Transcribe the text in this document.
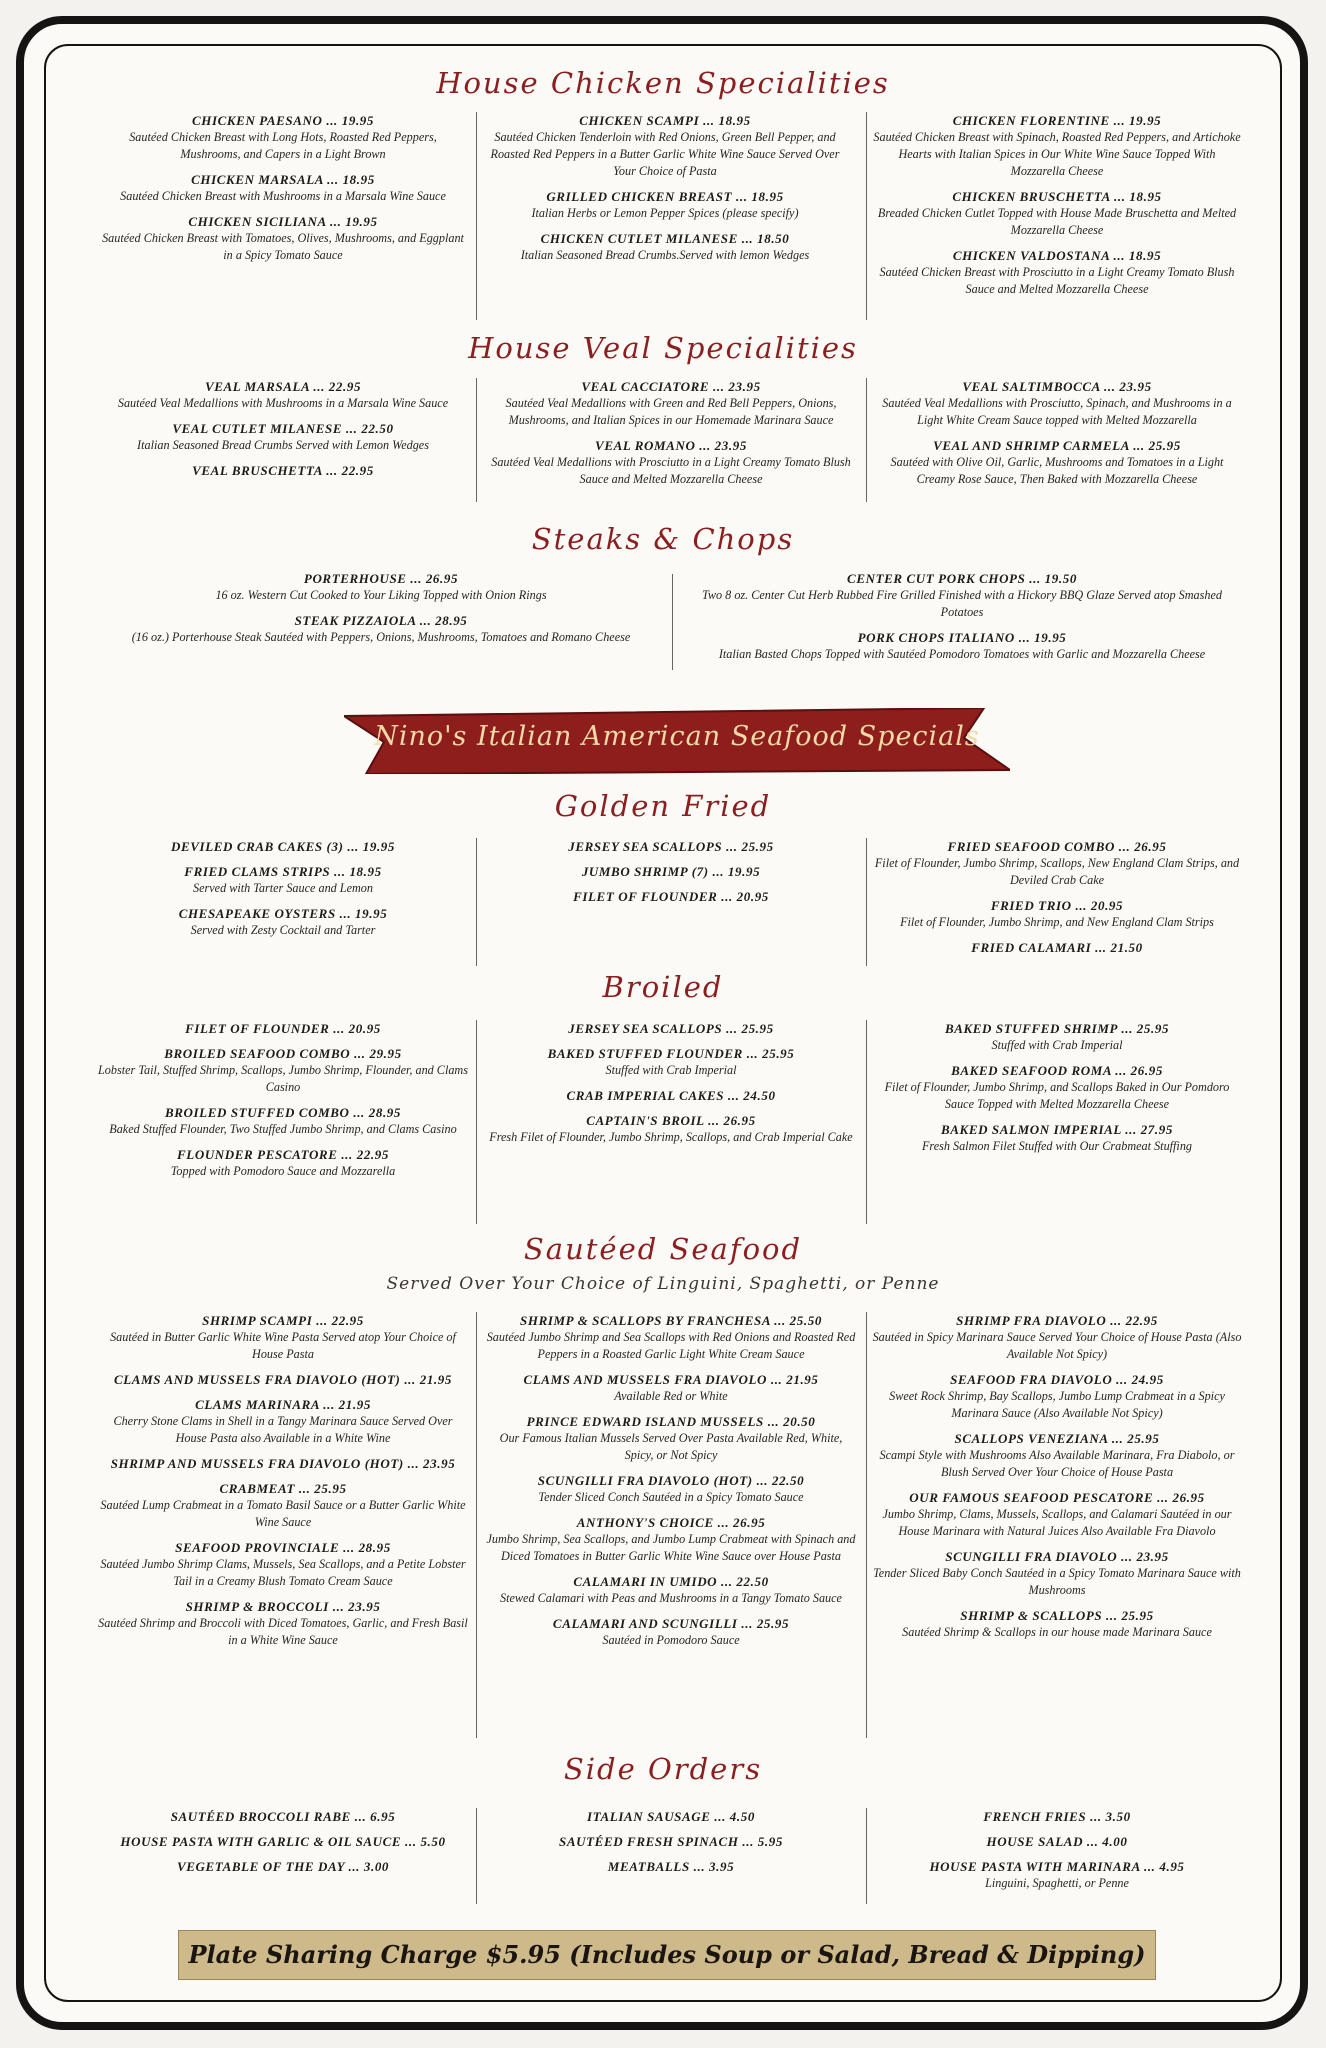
House Chicken Specialities
CHICKEN PAESANO ... 19.95
Sautéed Chicken Breast with Long Hots, Roasted Red Peppers, Mushrooms, and Capers in a Light Brown
CHICKEN MARSALA ... 18.95
Sautéed Chicken Breast with Mushrooms in a Marsala Wine Sauce
CHICKEN SICILIANA ... 19.95
Sautéed Chicken Breast with Tomatoes, Olives, Mushrooms, and Eggplant in a Spicy Tomato Sauce
CHICKEN SCAMPI ... 18.95
Sautéed Chicken Tenderloin with Red Onions, Green Bell Pepper, and Roasted Red Peppers in a Butter Garlic White Wine Sauce Served Over Your Choice of Pasta
GRILLED CHICKEN BREAST ... 18.95
Italian Herbs or Lemon Pepper Spices (please specify)
CHICKEN CUTLET MILANESE ... 18.50
Italian Seasoned Bread Crumbs.Served with lemon Wedges
CHICKEN FLORENTINE ... 19.95
Sautéed Chicken Breast with Spinach, Roasted Red Peppers, and Artichoke Hearts with Italian Spices in Our White Wine Sauce Topped With Mozzarella Cheese
CHICKEN BRUSCHETTA ... 18.95
Breaded Chicken Cutlet Topped with House Made Bruschetta and Melted Mozzarella Cheese
CHICKEN VALDOSTANA ... 18.95
Sautéed Chicken Breast with Prosciutto in a Light Creamy Tomato Blush Sauce and Melted Mozzarella Cheese
House Veal Specialities
VEAL MARSALA ... 22.95
Sautéed Veal Medallions with Mushrooms in a Marsala Wine Sauce
VEAL CUTLET MILANESE ... 22.50
Italian Seasoned Bread Crumbs Served with Lemon Wedges
VEAL BRUSCHETTA ... 22.95
VEAL CACCIATORE ... 23.95
Sautéed Veal Medallions with Green and Red Bell Peppers, Onions, Mushrooms, and Italian Spices in our Homemade Marinara Sauce
VEAL ROMANO ... 23.95
Sautéed Veal Medallions with Prosciutto in a Light Creamy Tomato Blush Sauce and Melted Mozzarella Cheese
VEAL SALTIMBOCCA ... 23.95
Sautéed Veal Medallions with Prosciutto, Spinach, and Mushrooms in a Light White Cream Sauce topped with Melted Mozzarella
VEAL AND SHRIMP CARMELA ... 25.95
Sautéed with Olive Oil, Garlic, Mushrooms and Tomatoes in a Light Creamy Rose Sauce, Then Baked with Mozzarella Cheese
Steaks & Chops
PORTERHOUSE ... 26.95
16 oz. Western Cut Cooked to Your Liking Topped with Onion Rings
STEAK PIZZAIOLA ... 28.95
(16 oz.) Porterhouse Steak Sautéed with Peppers, Onions, Mushrooms, Tomatoes and Romano Cheese
CENTER CUT PORK CHOPS ... 19.50
Two 8 oz. Center Cut Herb Rubbed Fire Grilled Finished with a Hickory BBQ Glaze Served atop Smashed Potatoes
PORK CHOPS ITALIANO ... 19.95
Italian Basted Chops Topped with Sautéed Pomodoro Tomatoes with Garlic and Mozzarella Cheese
Nino's Italian American Seafood Specials
Golden Fried
DEVILED CRAB CAKES (3) ... 19.95
FRIED CLAMS STRIPS ... 18.95
Served with Tarter Sauce and Lemon
CHESAPEAKE OYSTERS ... 19.95
Served with Zesty Cocktail and Tarter
JERSEY SEA SCALLOPS ... 25.95
JUMBO SHRIMP (7) ... 19.95
FILET OF FLOUNDER ... 20.95
FRIED SEAFOOD COMBO ... 26.95
Filet of Flounder, Jumbo Shrimp, Scallops, New England Clam Strips, and Deviled Crab Cake
FRIED TRIO ... 20.95
Filet of Flounder, Jumbo Shrimp, and New England Clam Strips
FRIED CALAMARI ... 21.50
Broiled
FILET OF FLOUNDER ... 20.95
BROILED SEAFOOD COMBO ... 29.95
Lobster Tail, Stuffed Shrimp, Scallops, Jumbo Shrimp, Flounder, and Clams Casino
BROILED STUFFED COMBO ... 28.95
Baked Stuffed Flounder, Two Stuffed Jumbo Shrimp, and Clams Casino
FLOUNDER PESCATORE ... 22.95
Topped with Pomodoro Sauce and Mozzarella
JERSEY SEA SCALLOPS ... 25.95
BAKED STUFFED FLOUNDER ... 25.95
Stuffed with Crab Imperial
CRAB IMPERIAL CAKES ... 24.50
CAPTAIN'S BROIL ... 26.95
Fresh Filet of Flounder, Jumbo Shrimp, Scallops, and Crab Imperial Cake
BAKED STUFFED SHRIMP ... 25.95
Stuffed with Crab Imperial
BAKED SEAFOOD ROMA ... 26.95
Filet of Flounder, Jumbo Shrimp, and Scallops Baked in Our Pomdoro Sauce Topped with Melted Mozzarella Cheese
BAKED SALMON IMPERIAL ... 27.95
Fresh Salmon Filet Stuffed with Our Crabmeat Stuffing
Sautéed Seafood
Served Over Your Choice of Linguini, Spaghetti, or Penne
SHRIMP SCAMPI ... 22.95
Sautéed in Butter Garlic White Wine Pasta Served atop Your Choice of House Pasta
CLAMS AND MUSSELS FRA DIAVOLO (HOT) ... 21.95
CLAMS MARINARA ... 21.95
Cherry Stone Clams in Shell in a Tangy Marinara Sauce Served Over House Pasta also Available in a White Wine
SHRIMP AND MUSSELS FRA DIAVOLO (HOT) ... 23.95
CRABMEAT ... 25.95
Sautéed Lump Crabmeat in a Tomato Basil Sauce or a Butter Garlic White Wine Sauce
SEAFOOD PROVINCIALE ... 28.95
Sautéed Jumbo Shrimp Clams, Mussels, Sea Scallops, and a Petite Lobster Tail in a Creamy Blush Tomato Cream Sauce
SHRIMP & BROCCOLI ... 23.95
Sautéed Shrimp and Broccoli with Diced Tomatoes, Garlic, and Fresh Basil in a White Wine Sauce
SHRIMP & SCALLOPS BY FRANCHESA ... 25.50
Sautéed Jumbo Shrimp and Sea Scallops with Red Onions and Roasted Red Peppers in a Roasted Garlic Light White Cream Sauce
CLAMS AND MUSSELS FRA DIAVOLO ... 21.95
Available Red or White
PRINCE EDWARD ISLAND MUSSELS ... 20.50
Our Famous Italian Mussels Served Over Pasta Available Red, White, Spicy, or Not Spicy
SCUNGILLI FRA DIAVOLO (HOT) ... 22.50
Tender Sliced Conch Sautéed in a Spicy Tomato Sauce
ANTHONY'S CHOICE ... 26.95
Jumbo Shrimp, Sea Scallops, and Jumbo Lump Crabmeat with Spinach and Diced Tomatoes in Butter Garlic White Wine Sauce over House Pasta
CALAMARI IN UMIDO ... 22.50
Stewed Calamari with Peas and Mushrooms in a Tangy Tomato Sauce
CALAMARI AND SCUNGILLI ... 25.95
Sautéed in Pomodoro Sauce
SHRIMP FRA DIAVOLO ... 22.95
Sautéed in Spicy Marinara Sauce Served Your Choice of House Pasta (Also Available Not Spicy)
SEAFOOD FRA DIAVOLO ... 24.95
Sweet Rock Shrimp, Bay Scallops, Jumbo Lump Crabmeat in a Spicy Marinara Sauce (Also Available Not Spicy)
SCALLOPS VENEZIANA ... 25.95
Scampi Style with Mushrooms Also Available Marinara, Fra Diabolo, or Blush Served Over Your Choice of House Pasta
OUR FAMOUS SEAFOOD PESCATORE ... 26.95
Jumbo Shrimp, Clams, Mussels, Scallops, and Calamari Sautéed in our House Marinara with Natural Juices Also Available Fra Diavolo
SCUNGILLI FRA DIAVOLO ... 23.95
Tender Sliced Baby Conch Sautéed in a Spicy Tomato Marinara Sauce with Mushrooms
SHRIMP & SCALLOPS ... 25.95
Sautéed Shrimp & Scallops in our house made Marinara Sauce
Side Orders
SAUTÉED BROCCOLI RABE ... 6.95
HOUSE PASTA WITH GARLIC & OIL SAUCE ... 5.50
VEGETABLE OF THE DAY ... 3.00
ITALIAN SAUSAGE ... 4.50
SAUTÉED FRESH SPINACH ... 5.95
MEATBALLS ... 3.95
FRENCH FRIES ... 3.50
HOUSE SALAD ... 4.00
HOUSE PASTA WITH MARINARA ... 4.95
Linguini, Spaghetti, or Penne
Plate Sharing Charge $5.95 (Includes Soup or Salad, Bread & Dipping)
